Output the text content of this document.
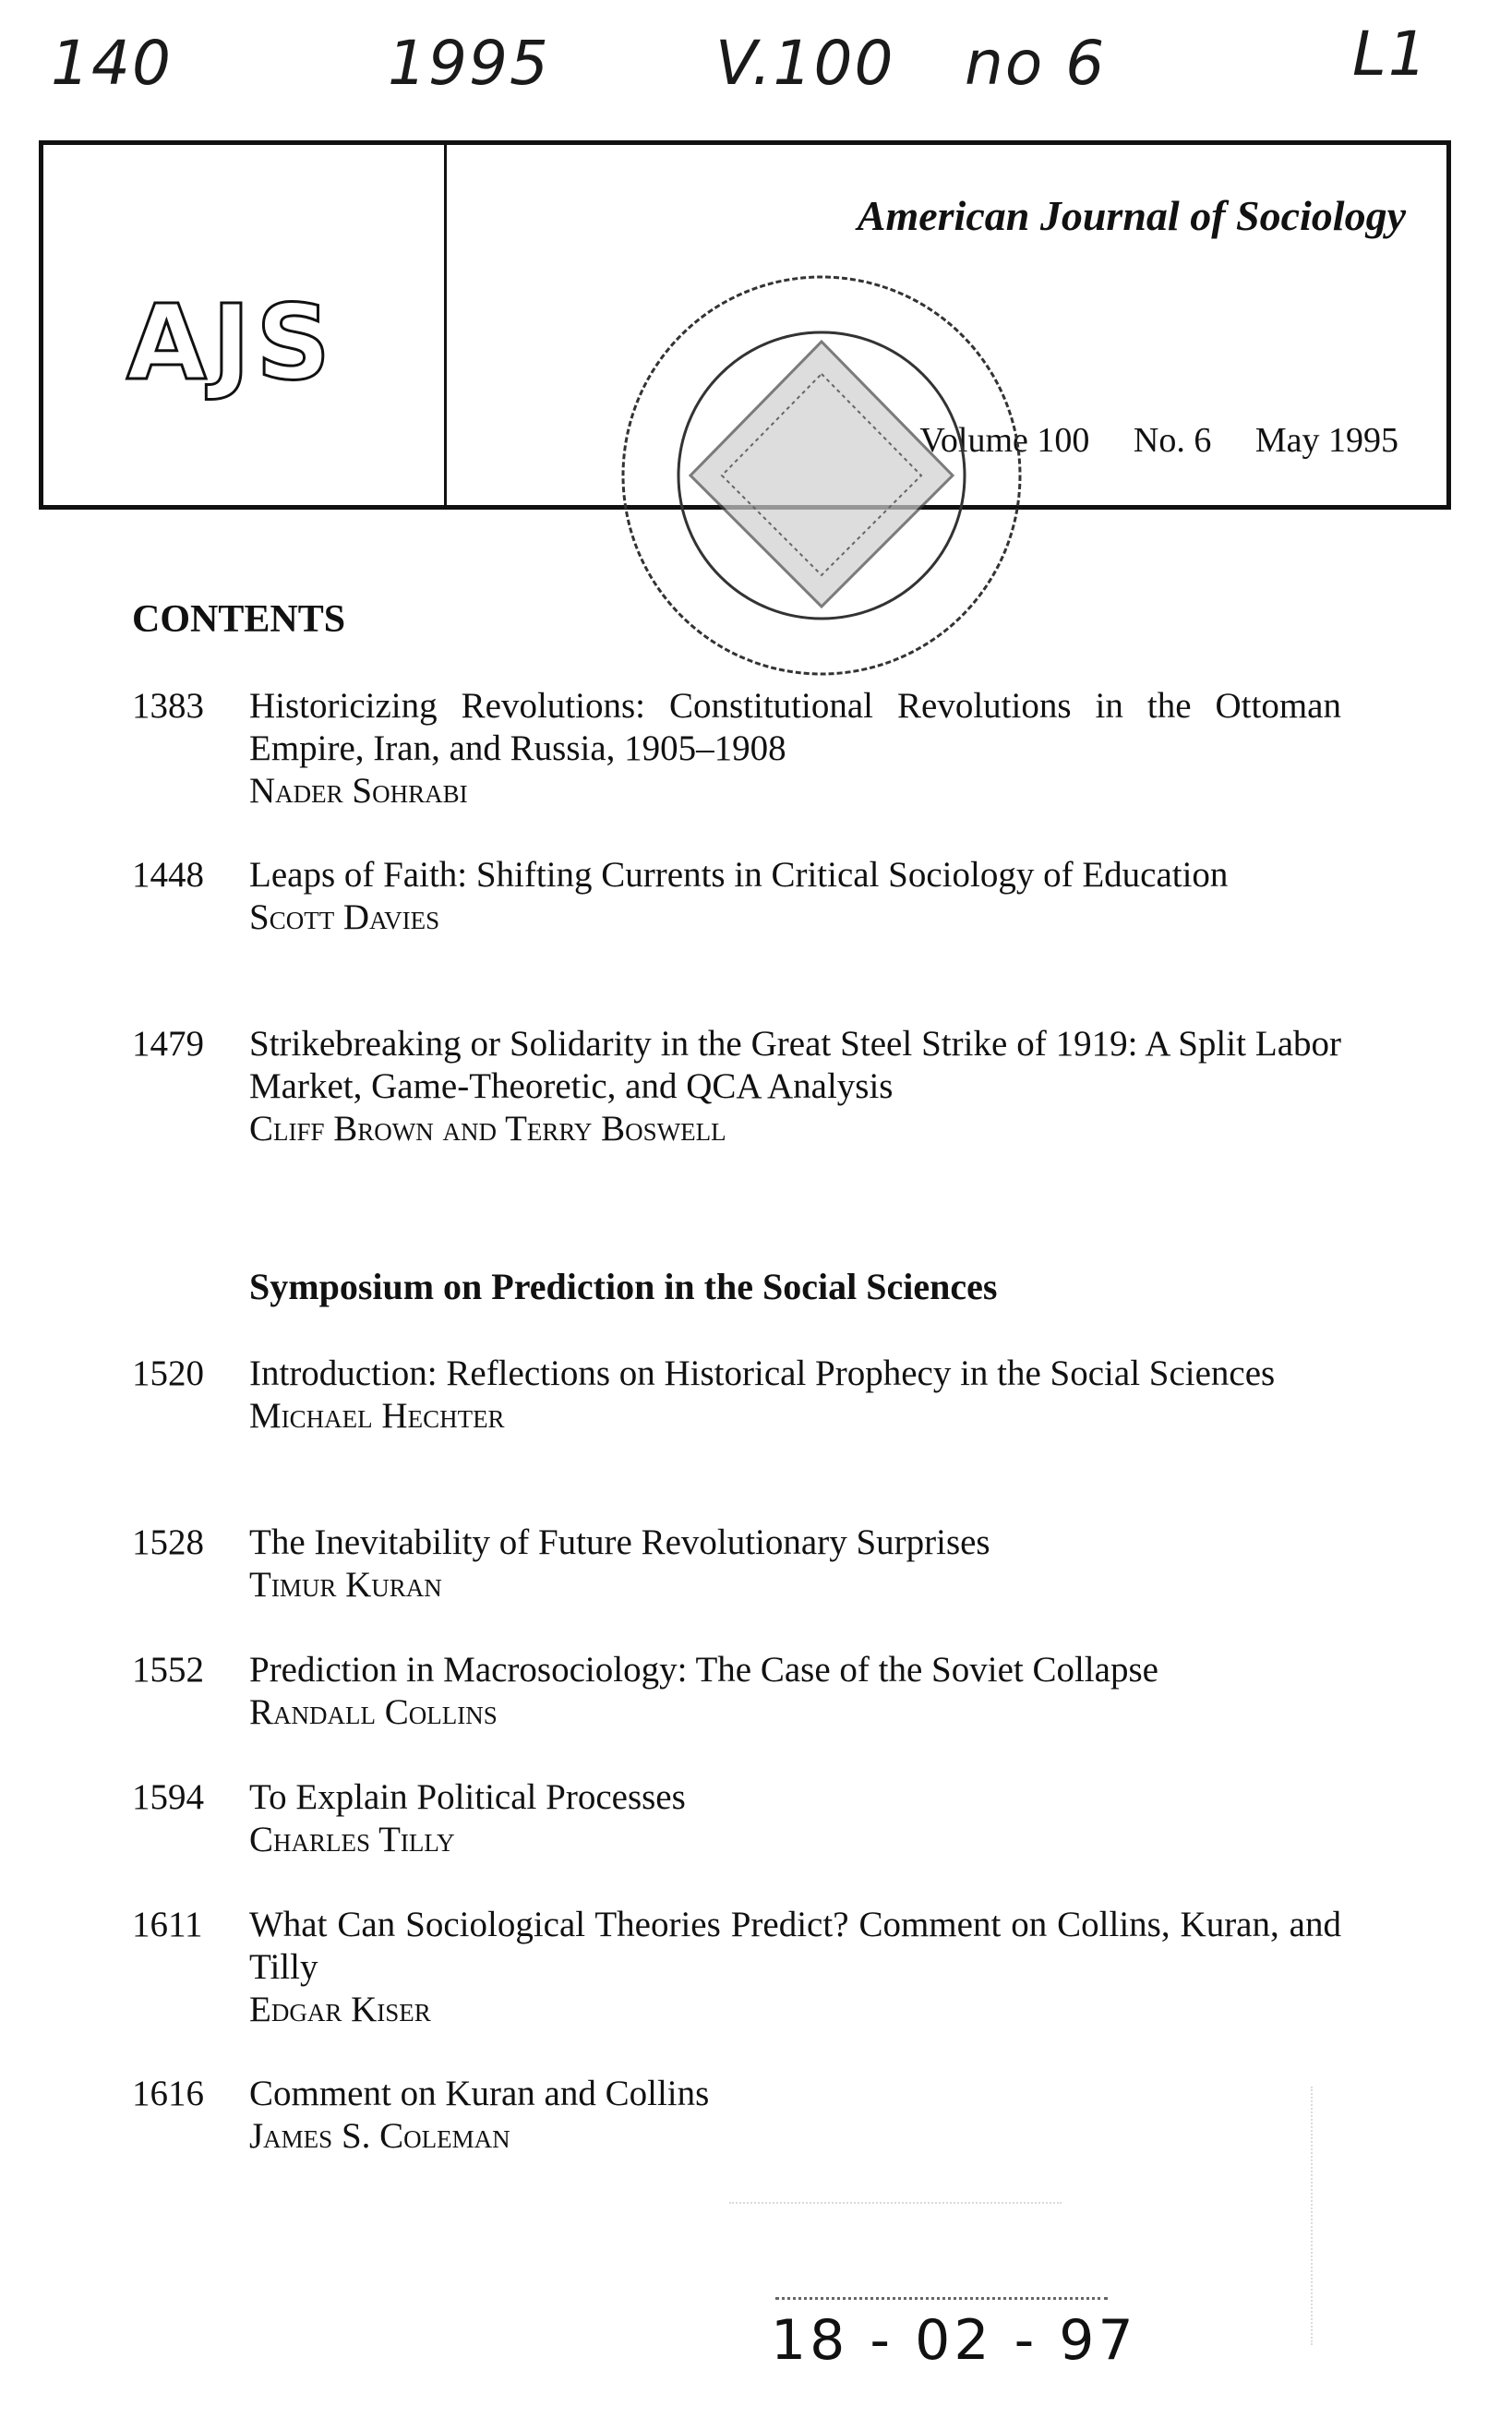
140	1995	V.100 no 6	L1
AJS
American Journal of Sociology
Volume 100 No. 6 May 1995
CONTENTS
1383	Historicizing Revolutions: Constitutional Revolutions in the Ottoman Empire, Iran, and Russia, 1905–1908
Nader Sohrabi
1448	Leaps of Faith: Shifting Currents in Critical Sociology of Education
Scott Davies
1479	Strikebreaking or Solidarity in the Great Steel Strike of 1919: A Split Labor Market, Game-Theoretic, and QCA Analysis
Cliff Brown and Terry Boswell
Symposium on Prediction in the Social Sciences
1520	Introduction: Reflections on Historical Prophecy in the Social Sciences
Michael Hechter
1528	The Inevitability of Future Revolutionary Surprises
Timur Kuran
1552	Prediction in Macrosociology: The Case of the Soviet Collapse
Randall Collins
1594	To Explain Political Processes
Charles Tilly
1611	What Can Sociological Theories Predict? Comment on Collins, Kuran, and Tilly
Edgar Kiser
1616	Comment on Kuran and Collins
James S. Coleman
18 - 02 - 97
